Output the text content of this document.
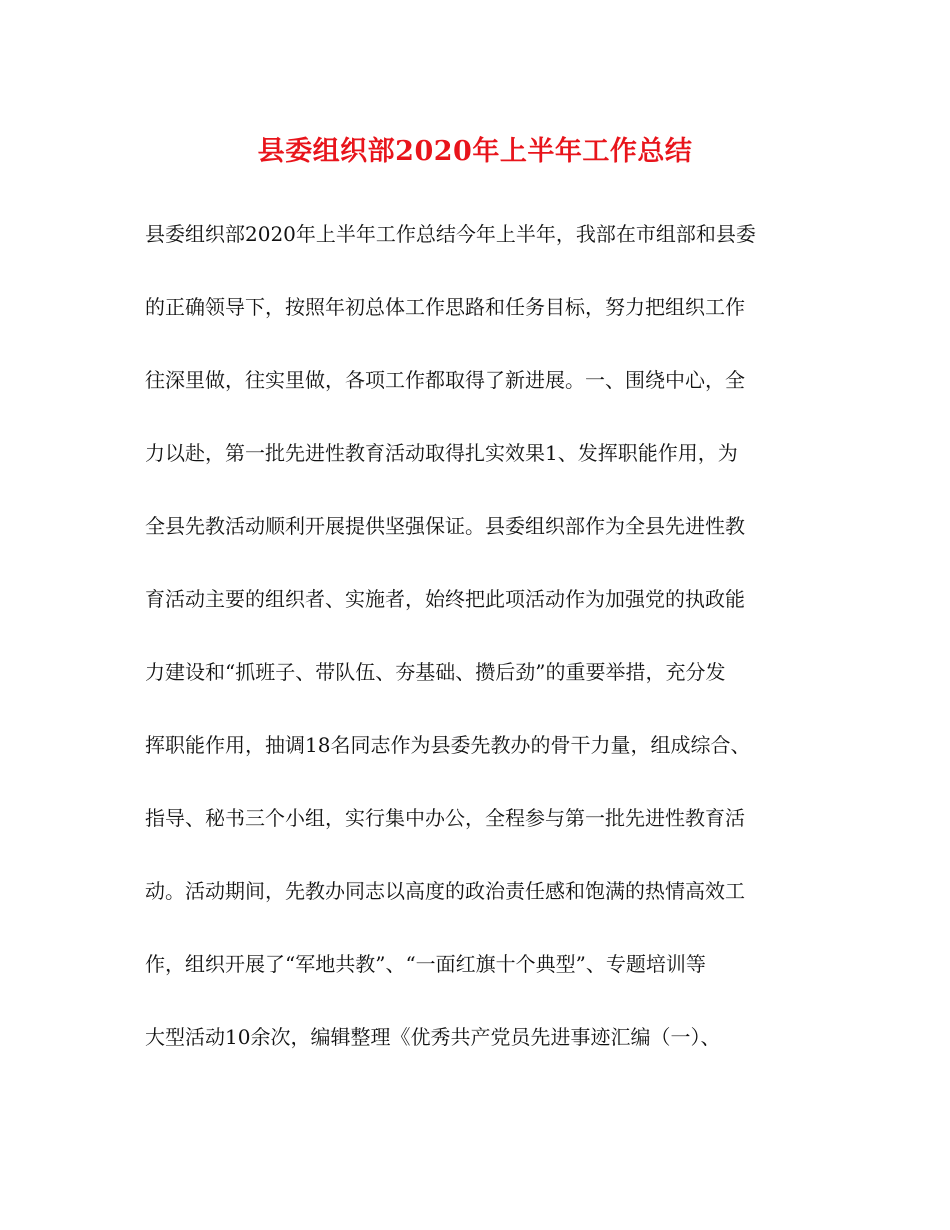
县委组织部2020年上半年工作总结
县委组织部2020年上半年工作总结今年上半年，我部在市组部和县委
的正确领导下，按照年初总体工作思路和任务目标，努力把组织工作
往深里做，往实里做，各项工作都取得了新进展。一、围绕中心，全
力以赴，第一批先进性教育活动取得扎实效果1、发挥职能作用，为
全县先教活动顺利开展提供坚强保证。县委组织部作为全县先进性教
育活动主要的组织者、实施者，始终把此项活动作为加强党的执政能
力建设和“抓班子、带队伍、夯基础、攒后劲”的重要举措，充分发
挥职能作用，抽调18名同志作为县委先教办的骨干力量，组成综合、
指导、秘书三个小组，实行集中办公，全程参与第一批先进性教育活
动。活动期间，先教办同志以高度的政治责任感和饱满的热情高效工
作，组织开展了“军地共教”、“一面红旗十个典型”、专题培训等
大型活动10余次，编辑整理《优秀共产党员先进事迹汇编（一）、
